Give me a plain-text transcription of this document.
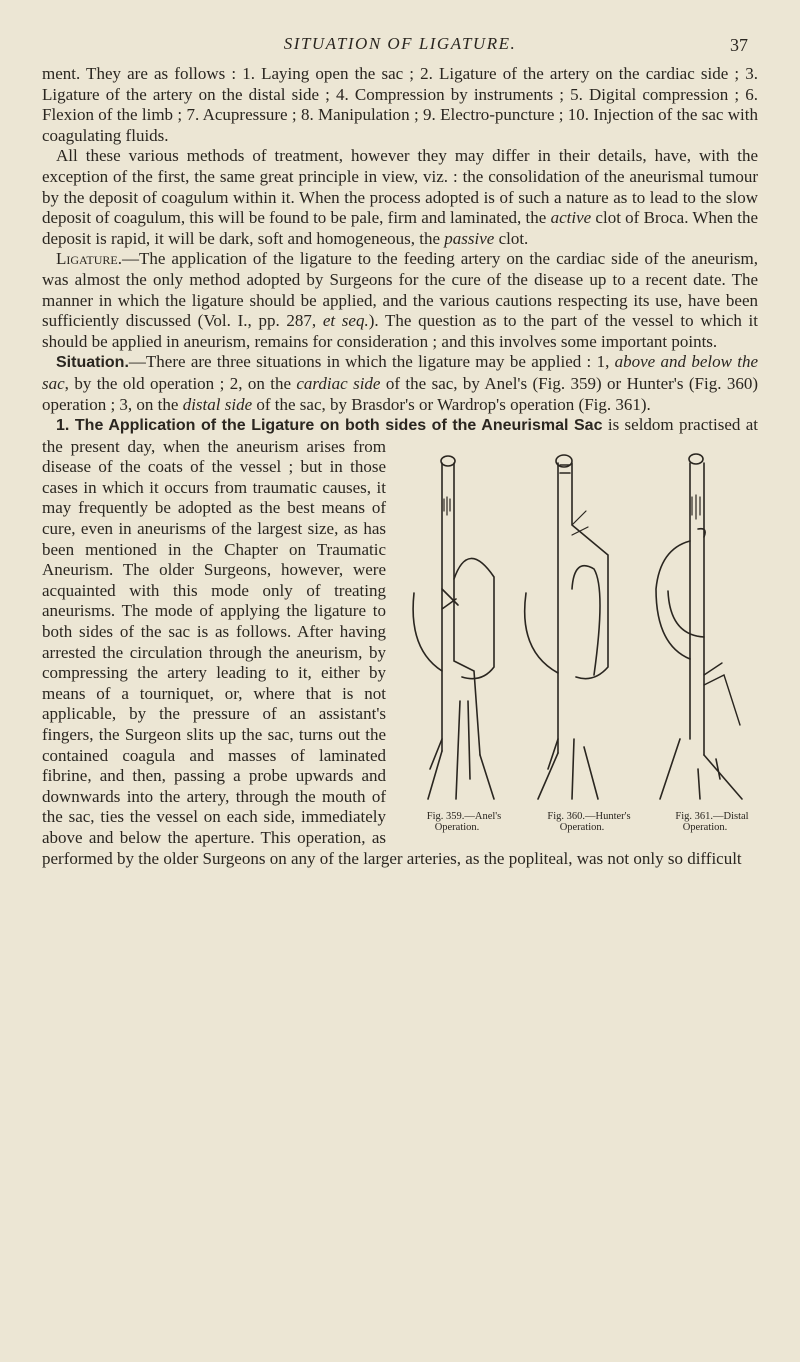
SITUATION OF LIGATURE.	37

ment. They are as follows : 1. Laying open the sac ; 2. Ligature of the artery on the cardiac side ; 3. Ligature of the artery on the distal side ; 4. Compression by instruments ; 5. Digital compression ; 6. Flexion of the limb ; 7. Acupressure ; 8. Manipulation ; 9. Electro-puncture ; 10. Injection of the sac with coagulating fluids.

All these various methods of treatment, however they may differ in their details, have, with the exception of the first, the same great principle in view, viz. : the consolidation of the aneurismal tumour by the deposit of coagulum within it. When the process adopted is of such a nature as to lead to the slow deposit of coagulum, this will be found to be pale, firm and laminated, the active clot of Broca. When the deposit is rapid, it will be dark, soft and homogeneous, the passive clot.

Ligature.—The application of the ligature to the feeding artery on the cardiac side of the aneurism, was almost the only method adopted by Surgeons for the cure of the disease up to a recent date. The manner in which the ligature should be applied, and the various cautions respecting its use, have been sufficiently discussed (Vol. I., pp. 287, et seq.). The question as to the part of the vessel to which it should be applied in aneurism, remains for consideration ; and this involves some important points.

Situation.—There are three situations in which the ligature may be applied : 1, above and below the sac, by the old operation ; 2, on the cardiac side of the sac, by Anel's (Fig. 359) or Hunter's (Fig. 360) operation ; 3, on the distal side of the sac, by Brasdor's or Wardrop's operation (Fig. 361).

1. The Application of the Ligature on both sides of the Aneurismal Sac
Fig. 359.—Anel's Operation.
Fig. 360.—Hunter's Operation.
Fig. 361.—Distal Operation.
is seldom practised at the present day, when the aneurism arises from disease of the coats of the vessel ; but in those cases in which it occurs from traumatic causes, it may frequently be adopted as the best means of cure, even in aneurisms of the largest size, as has been mentioned in the Chapter on Traumatic Aneurism. The older Surgeons, however, were acquainted with this mode only of treating aneurisms. The mode of applying the ligature to both sides of the sac is as follows. After having arrested the circulation through the aneurism, by compressing the artery leading to it, either by means of a tourniquet, or, where that is not applicable, by the pressure of an assistant's fingers, the Surgeon slits up the sac, turns out the contained coagula and masses of laminated fibrine, and then, passing a probe upwards and downwards into the artery, through the mouth of the sac, ties the vessel on each side, immediately above and below the aperture. This operation, as performed by the older Surgeons on any of the larger arteries, as the popliteal, was not only so difficult
